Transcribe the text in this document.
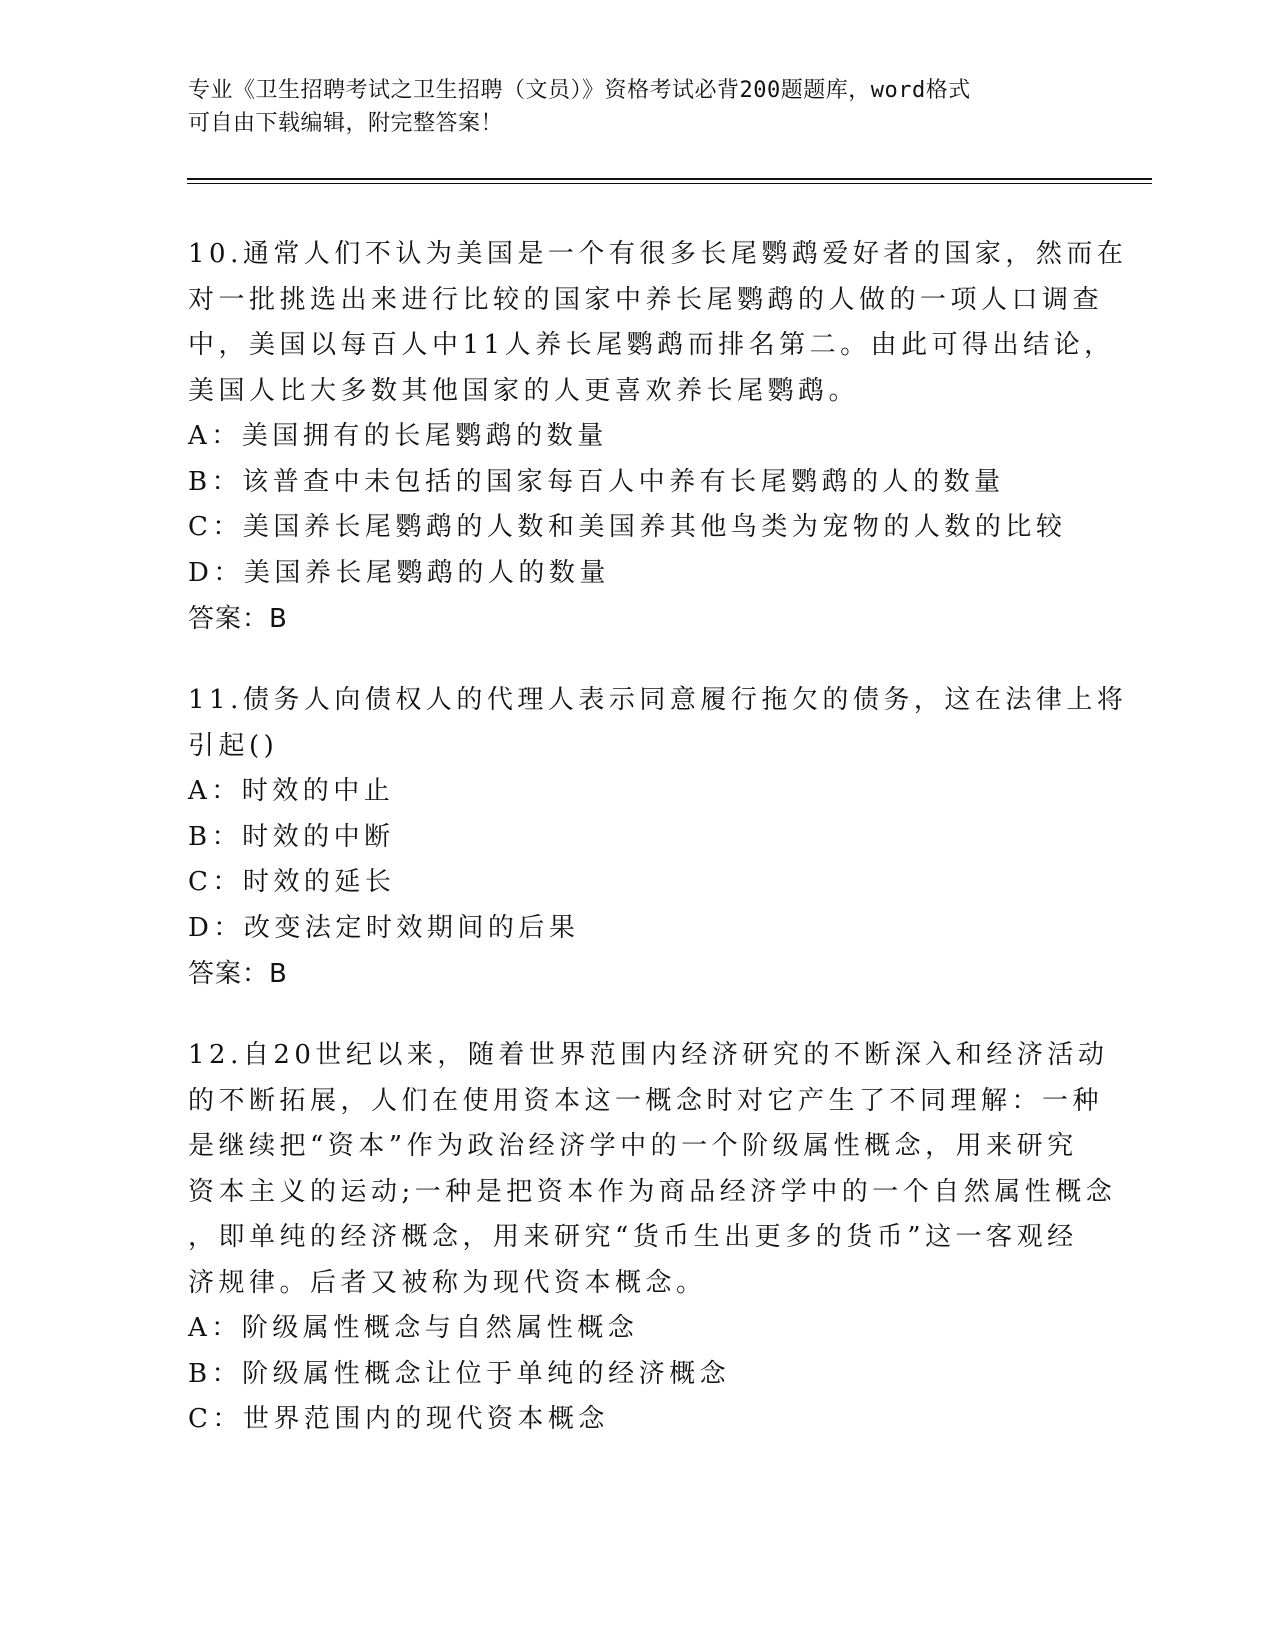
专业《卫生招聘考试之卫生招聘（文员）》资格考试必背200题题库，word格式
可自由下载编辑，附完整答案！
10.通常人们不认为美国是一个有很多长尾鹦鹉爱好者的国家，然而在
对一批挑选出来进行比较的国家中养长尾鹦鹉的人做的一项人口调查
中，美国以每百人中11人养长尾鹦鹉而排名第二。由此可得出结论，
美国人比大多数其他国家的人更喜欢养长尾鹦鹉。
A：美国拥有的长尾鹦鹉的数量
B：该普查中未包括的国家每百人中养有长尾鹦鹉的人的数量
C：美国养长尾鹦鹉的人数和美国养其他鸟类为宠物的人数的比较
D：美国养长尾鹦鹉的人的数量
答案：B
11.债务人向债权人的代理人表示同意履行拖欠的债务，这在法律上将
引起()
A：时效的中止
B：时效的中断
C：时效的延长
D：改变法定时效期间的后果
答案：B
12.自20世纪以来，随着世界范围内经济研究的不断深入和经济活动
的不断拓展，人们在使用资本这一概念时对它产生了不同理解：一种
是继续把“资本”作为政治经济学中的一个阶级属性概念，用来研究
资本主义的运动;一种是把资本作为商品经济学中的一个自然属性概念
，即单纯的经济概念，用来研究“货币生出更多的货币”这一客观经
济规律。后者又被称为现代资本概念。
A：阶级属性概念与自然属性概念
B：阶级属性概念让位于单纯的经济概念
C：世界范围内的现代资本概念
